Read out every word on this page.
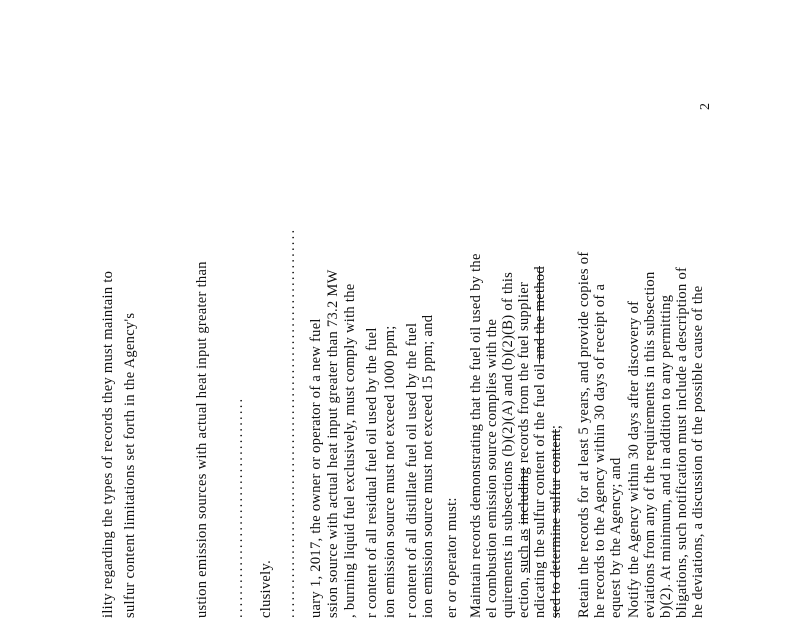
ility regarding the types of records they must maintain to sulfur content limitations set forth in the Agency's	ustion emission sources with actual heat input greater than ...................................... clusively. ................................................................... uary 1, 2017, the owner or operator of a new fuel ssion source with actual heat input greater than 73.2 MW , burning liquid fuel exclusively, must comply with the r content of all residual fuel oil used by the fuel ion emission source must not exceed 1000 ppm; r content of all distillate fuel oil used by the fuel ion emission source must not exceed 15 ppm; and er or operator must: Maintain records demonstrating that the fuel oil used by the el combustion emission source complies with the quirements in subsections (b)(2)(A) and (b)(2)(B) of this ection, such as including records from the fuel supplier ndicating the sulfur content of the fuel oil and the method
sed to determine sulfur content; Retain the records for at least 5 years, and provide copies of he records to the Agency within 30 days of receipt of a equest by the Agency; and Notify the Agency within 30 days after discovery of eviations from any of the requirements in this subsection b)(2). At minimum, and in addition to any permitting bligations, such notification must include a description of he deviations, a discussion of the possible cause of the
2
